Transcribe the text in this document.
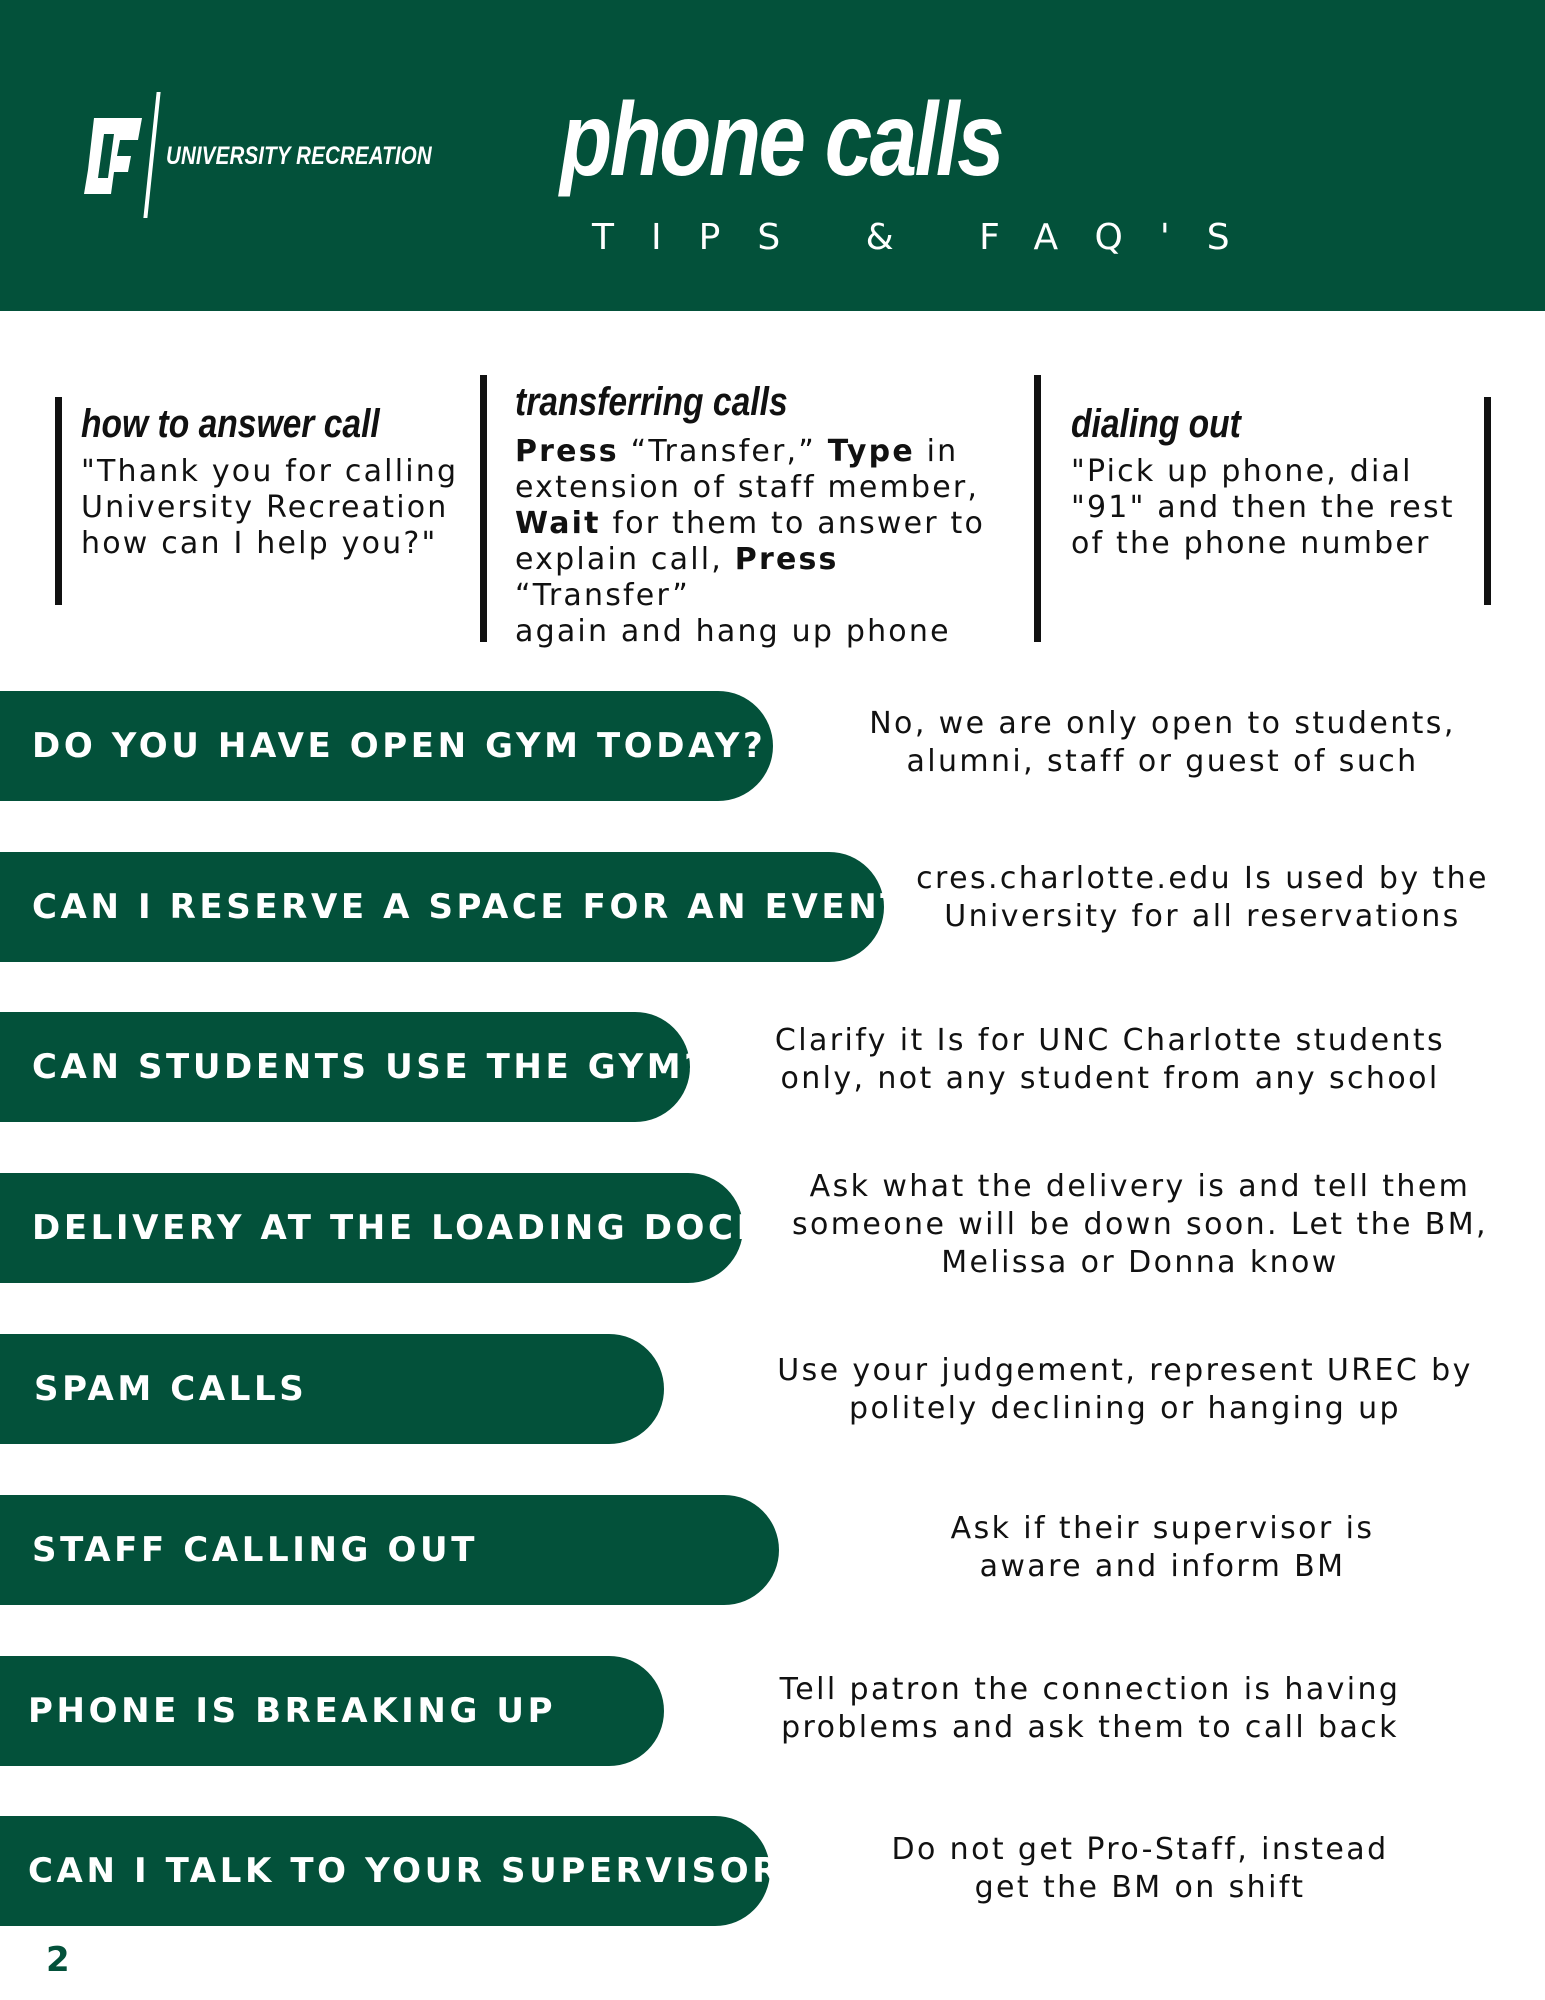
UNIVERSITY RECREATION phone calls
TIPS & FAQ'S
how to answer call
"Thank you for calling
University Recreation
how can I help you?"
transferring calls
Press “Transfer,” Type in
extension of staff member,
Wait for them to answer to
explain call, Press “Transfer”
again and hang up phone
dialing out
"Pick up phone, dial
"91" and then the rest
of the phone number
DO YOU HAVE OPEN GYM TODAY?
No, we are only open to students,
alumni, staff or guest of such
CAN I RESERVE A SPACE FOR AN EVENT?
cres.charlotte.edu Is used by the
University for all reservations
CAN STUDENTS USE THE GYM?
Clarify it Is for UNC Charlotte students
only, not any student from any school
DELIVERY AT THE LOADING DOCK
Ask what the delivery is and tell them
someone will be down soon. Let the BM,
Melissa or Donna know
SPAM CALLS	Use your judgement, represent UREC by
politely declining or hanging up
STAFF CALLING OUT
Ask if their supervisor is
aware and inform BM
PHONE IS BREAKING UP
Tell patron the connection is having
problems and ask them to call back
CAN I TALK TO YOUR SUPERVISOR
Do not get Pro-Staff, instead
get the BM on shift
2
